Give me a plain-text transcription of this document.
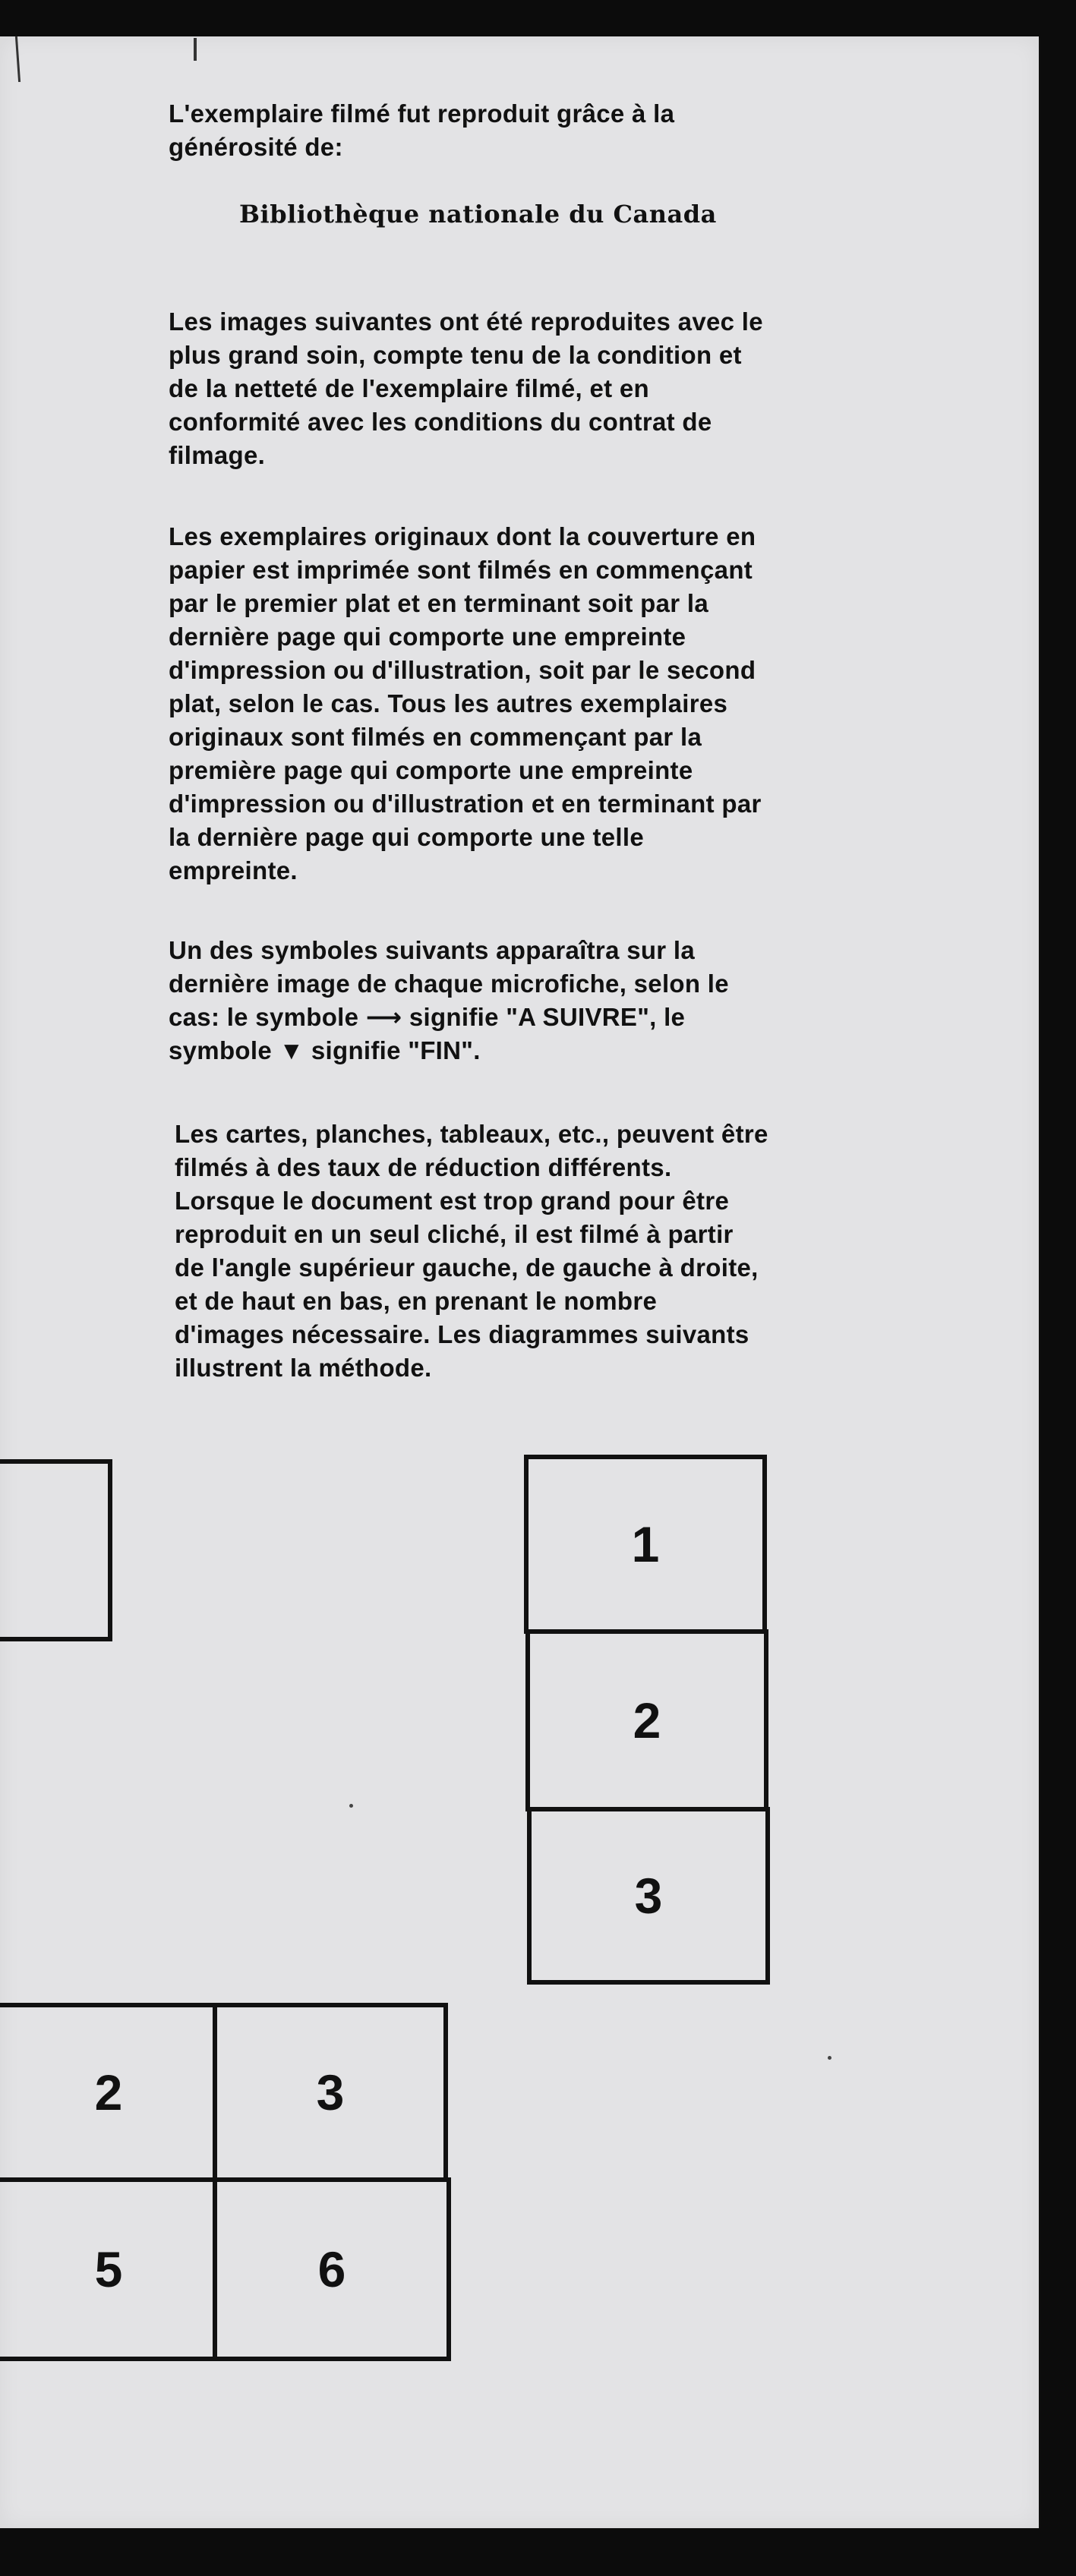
L'exemplaire filmé fut reproduit grâce à la

générosité de:

Bibliothèque nationale du Canada

Les images suivantes ont été reproduites avec le
plus grand soin, compte tenu de la condition et
de la netteté de l'exemplaire filmé, et en
conformité avec les conditions du contrat de
filmage.

Les exemplaires originaux dont la couverture en
papier est imprimée sont filmés en commençant
par le premier plat et en terminant soit par la
dernière page qui comporte une empreinte
d'impression ou d'illustration, soit par le second
plat, selon le cas. Tous les autres exemplaires
originaux sont filmés en commençant par la
première page qui comporte une empreinte
d'impression ou d'illustration et en terminant par
la dernière page qui comporte une telle
empreinte.

Un des symboles suivants apparaîtra sur la
dernière image de chaque microfiche, selon le
cas: le symbole ⟶ signifie "A SUIVRE", le
symbole ▼ signifie "FIN".

Les cartes, planches, tableaux, etc., peuvent être
filmés à des taux de réduction différents.
Lorsque le document est trop grand pour être
reproduit en un seul cliché, il est filmé à partir
de l'angle supérieur gauche, de gauche à droite,
et de haut en bas, en prenant le nombre
d'images nécessaire. Les diagrammes suivants
illustrent la méthode.

1
2
3
2	3
5	6
